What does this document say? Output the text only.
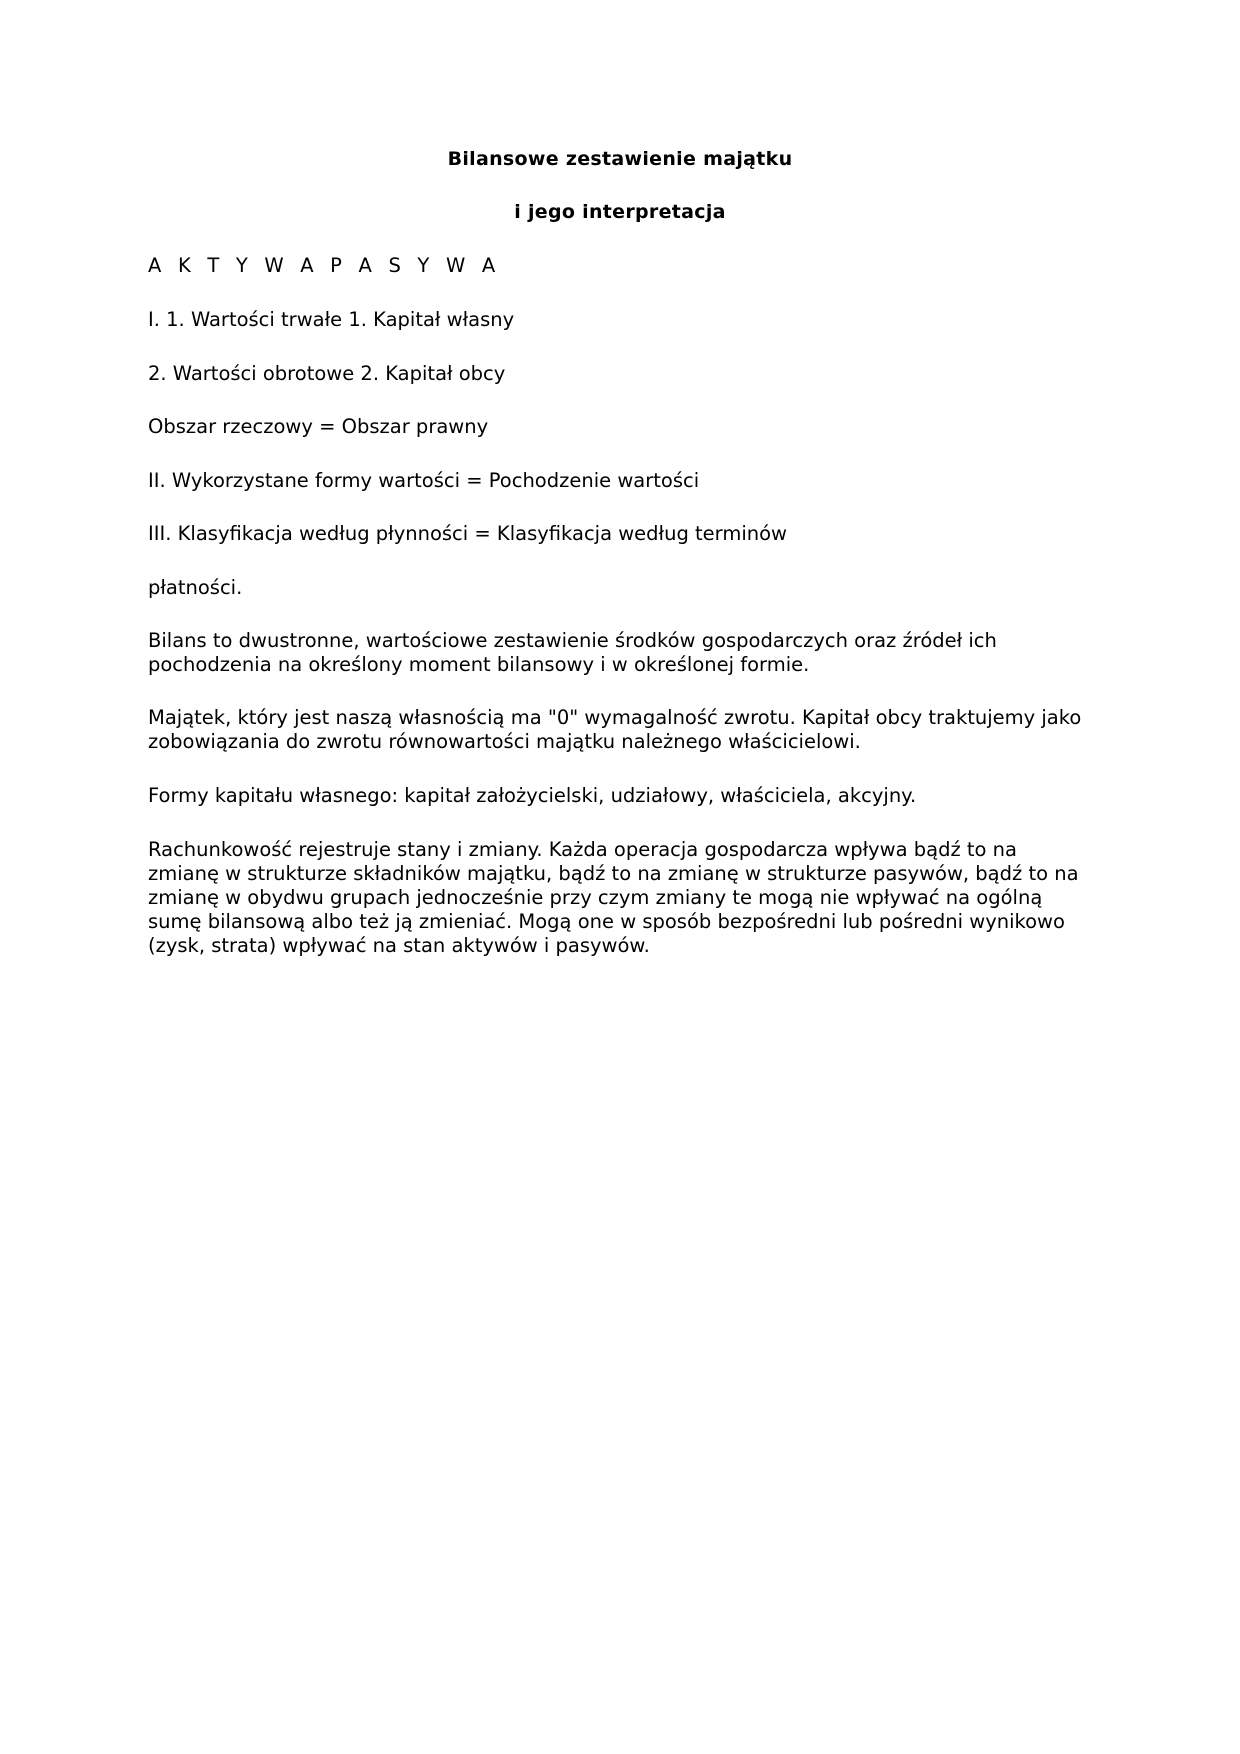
Bilansowe zestawienie majątku
i jego interpretacja

A K T Y W A P A S Y W A

I. 1. Wartości trwałe 1. Kapitał własny

2. Wartości obrotowe 2. Kapitał obcy

Obszar rzeczowy = Obszar prawny

II. Wykorzystane formy wartości = Pochodzenie wartości

III. Klasyfikacja według płynności = Klasyfikacja według terminów

płatności.

Bilans to dwustronne, wartościowe zestawienie środków gospodarczych oraz źródeł ich pochodzenia na określony moment bilansowy i w określonej formie.

Majątek, który jest naszą własnością ma "0" wymagalność zwrotu. Kapitał obcy traktujemy jako zobowiązania do zwrotu równowartości majątku należnego właścicielowi.

Formy kapitału własnego: kapitał założycielski, udziałowy, właściciela, akcyjny.

Rachunkowość rejestruje stany i zmiany. Każda operacja gospodarcza wpływa bądź to na zmianę w strukturze składników majątku, bądź to na zmianę w strukturze pasywów, bądź to na zmianę w obydwu grupach jednocześnie przy czym zmiany te mogą nie wpływać na ogólną sumę bilansową albo też ją zmieniać. Mogą one w sposób bezpośredni lub pośredni wynikowo (zysk, strata) wpływać na stan aktywów i pasywów.
